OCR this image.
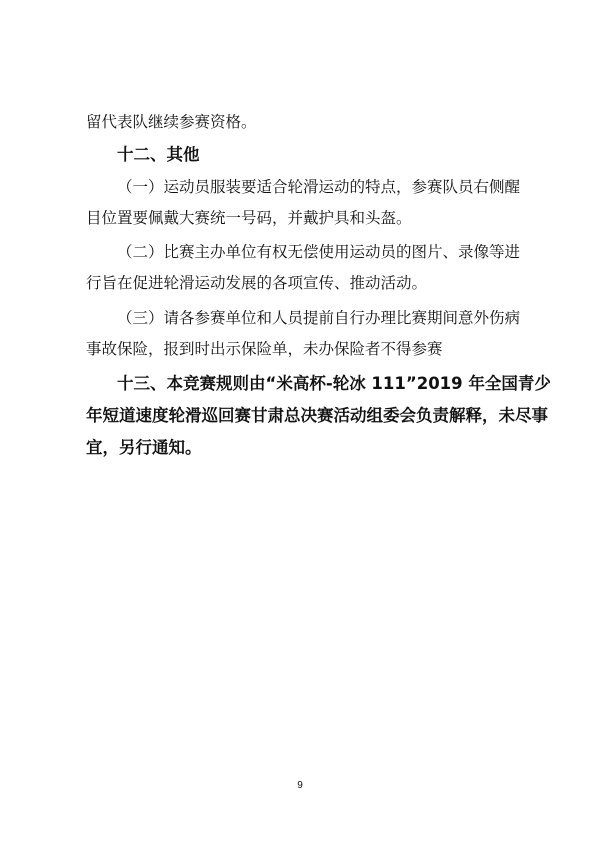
留代表队继续参赛资格。
十二、其他
（一）运动员服装要适合轮滑运动的特点，参赛队员右侧醒
目位置要佩戴大赛统一号码，并戴护具和头盔。
（二）比赛主办单位有权无偿使用运动员的图片、录像等进
行旨在促进轮滑运动发展的各项宣传、推动活动。
（三）请各参赛单位和人员提前自行办理比赛期间意外伤病
事故保险，报到时出示保险单，未办保险者不得参赛
十三、本竞赛规则由“米高杯-轮冰 111”2019 年全国青少
年短道速度轮滑巡回赛甘肃总决赛活动组委会负责解释，未尽事
宜，另行通知。
9
